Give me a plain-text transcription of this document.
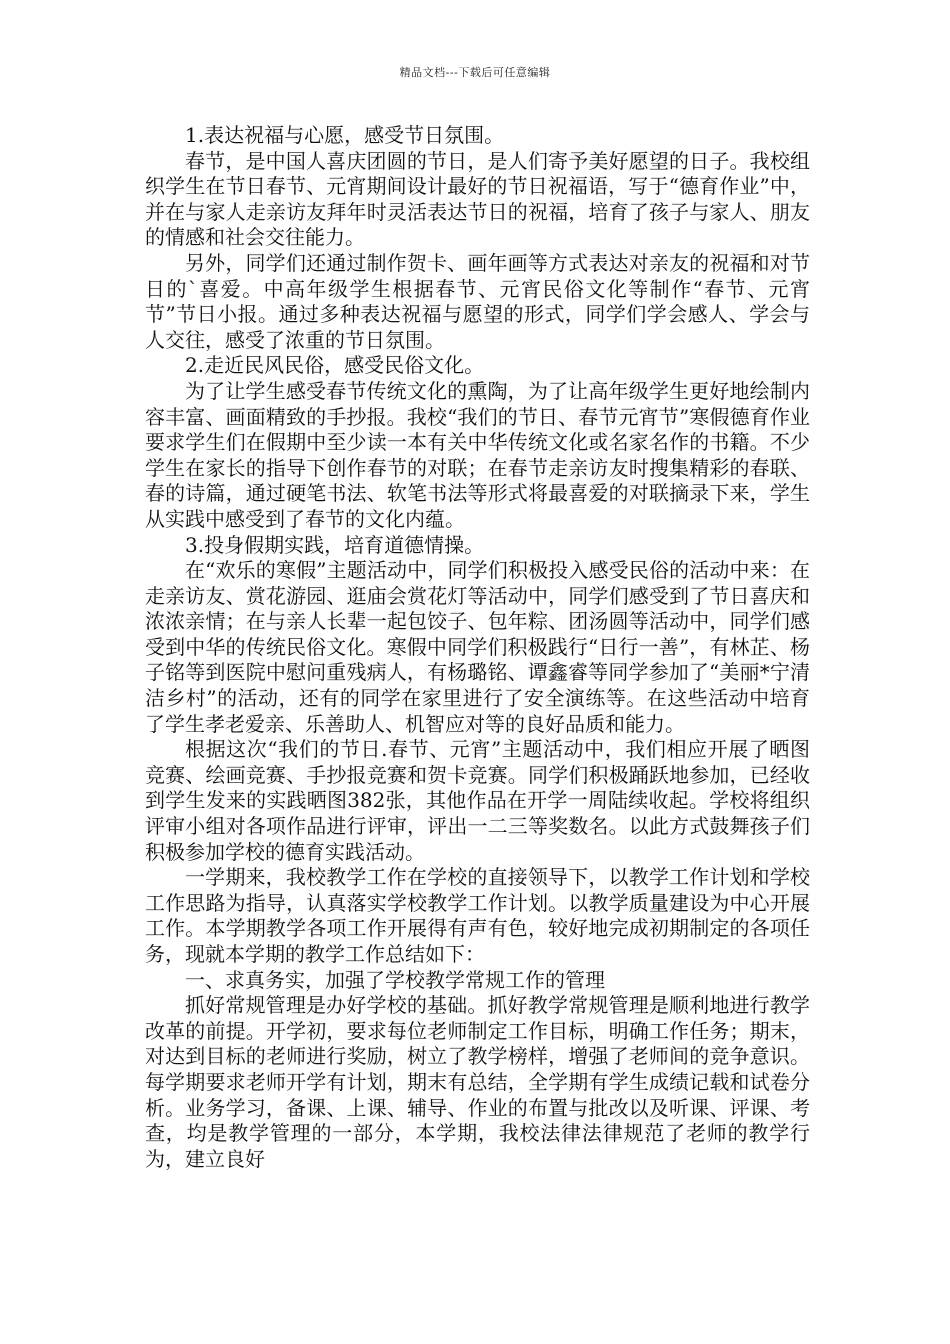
精品文档---下载后可任意编辑

1.表达祝福与心愿，感受节日氛围。

春节，是中国人喜庆团圆的节日，是人们寄予美好愿望的日子。我校组织学生在节日春节、元宵期间设计最好的节日祝福语，写于“德育作业”中，并在与家人走亲访友拜年时灵活表达节日的祝福，培育了孩子与家人、朋友的情感和社会交往能力。

另外，同学们还通过制作贺卡、画年画等方式表达对亲友的祝福和对节日的`喜爱。中高年级学生根据春节、元宵民俗文化等制作“春节、元宵节”节日小报。通过多种表达祝福与愿望的形式，同学们学会感人、学会与人交往，感受了浓重的节日氛围。

2.走近民风民俗，感受民俗文化。

为了让学生感受春节传统文化的熏陶，为了让高年级学生更好地绘制内容丰富、画面精致的手抄报。我校“我们的节日、春节元宵节”寒假德育作业要求学生们在假期中至少读一本有关中华传统文化或名家名作的书籍。不少学生在家长的指导下创作春节的对联；在春节走亲访友时搜集精彩的春联、春的诗篇，通过硬笔书法、软笔书法等形式将最喜爱的对联摘录下来，学生从实践中感受到了春节的文化内蕴。

3.投身假期实践，培育道德情操。

在“欢乐的寒假”主题活动中，同学们积极投入感受民俗的活动中来：在走亲访友、赏花游园、逛庙会赏花灯等活动中，同学们感受到了节日喜庆和浓浓亲情；在与亲人长辈一起包饺子、包年粽、团汤圆等活动中，同学们感受到中华的传统民俗文化。寒假中同学们积极践行“日行一善”，有林芷、杨子铭等到医院中慰问重残病人，有杨璐铭、谭鑫睿等同学参加了“美丽*宁清洁乡村”的活动，还有的同学在家里进行了安全演练等。在这些活动中培育了学生孝老爱亲、乐善助人、机智应对等的良好品质和能力。

根据这次“我们的节日.春节、元宵”主题活动中，我们相应开展了晒图竞赛、绘画竞赛、手抄报竞赛和贺卡竞赛。同学们积极踊跃地参加，已经收到学生发来的实践晒图382张，其他作品在开学一周陆续收起。学校将组织评审小组对各项作品进行评审，评出一二三等奖数名。以此方式鼓舞孩子们积极参加学校的德育实践活动。

一学期来，我校教学工作在学校的直接领导下，以教学工作计划和学校工作思路为指导，认真落实学校教学工作计划。以教学质量建设为中心开展工作。本学期教学各项工作开展得有声有色，较好地完成初期制定的各项任务，现就本学期的教学工作总结如下：

一、求真务实，加强了学校教学常规工作的管理

抓好常规管理是办好学校的基础。抓好教学常规管理是顺利地进行教学改革的前提。开学初，要求每位老师制定工作目标，明确工作任务；期末，对达到目标的老师进行奖励，树立了教学榜样，增强了老师间的竞争意识。每学期要求老师开学有计划，期末有总结，全学期有学生成绩记载和试卷分析。业务学习，备课、上课、辅导、作业的布置与批改以及听课、评课、考查，均是教学管理的一部分，本学期，我校法律法律规范了老师的教学行为，建立良好
